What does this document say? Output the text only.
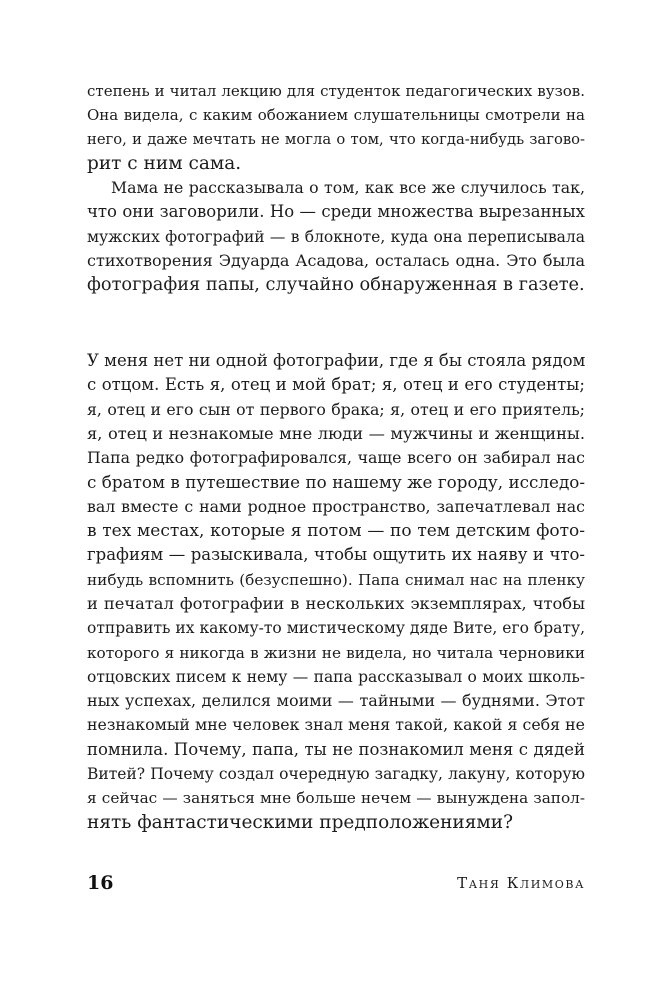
степень и читал лекцию для студенток педагогических вузов.
Она видела, с каким обожанием слушательницы смотрели на
него, и даже мечтать не могла о том, что когда-нибудь загово-
рит с ним сама.
Мама не рассказывала о том, как все же случилось так,
что они заговорили. Но — среди множества вырезанных
мужских фотографий — в блокноте, куда она переписывала
стихотворения Эдуарда Асадова, осталась одна. Это была
фотография папы, случайно обнаруженная в газете.
У меня нет ни одной фотографии, где я бы стояла рядом
с отцом. Есть я, отец и мой брат; я, отец и его студенты;
я, отец и его сын от первого брака; я, отец и его приятель;
я, отец и незнакомые мне люди — мужчины и женщины.
Папа редко фотографировался, чаще всего он забирал нас
с братом в путешествие по нашему же городу, исследо-
вал вместе с нами родное пространство, запечатлевал нас
в тех местах, которые я потом — по тем детским фото-
графиям — разыскивала, чтобы ощутить их наяву и что-
нибудь вспомнить (безуспешно). Папа снимал нас на пленку
и печатал фотографии в нескольких экземплярах, чтобы
отправить их какому-то мистическому дяде Вите, его брату,
которого я никогда в жизни не видела, но читала черновики
отцовских писем к нему — папа рассказывал о моих школь-
ных успехах, делился моими — тайными — буднями. Этот
незнакомый мне человек знал меня такой, какой я себя не
помнила. Почему, папа, ты не познакомил меня с дядей
Витей? Почему создал очередную загадку, лакуну, которую
я сейчас — заняться мне больше нечем — вынуждена запол-
нять фантастическими предположениями?
16	Таня Климова
